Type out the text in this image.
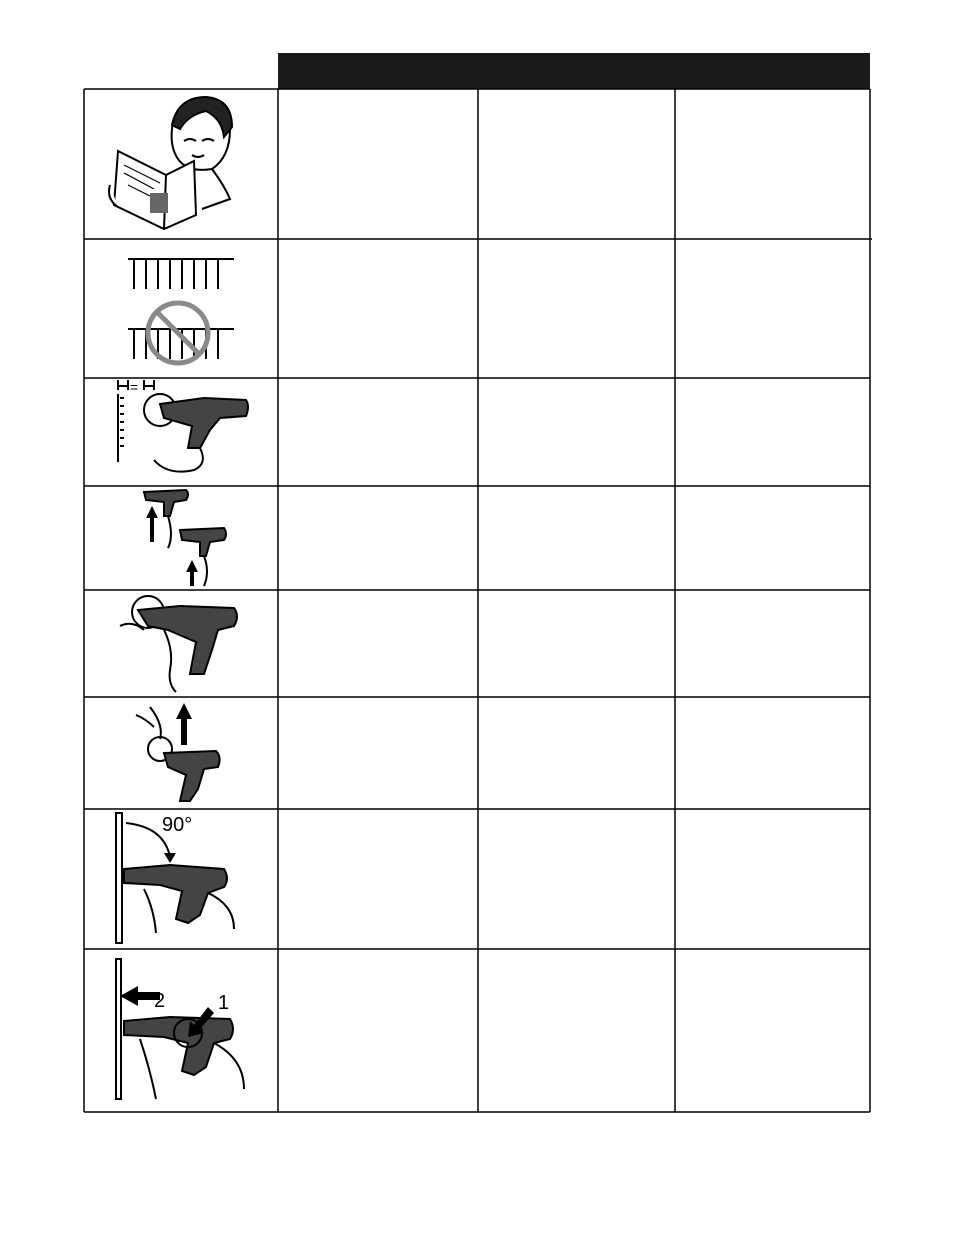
=
90°
2	1
